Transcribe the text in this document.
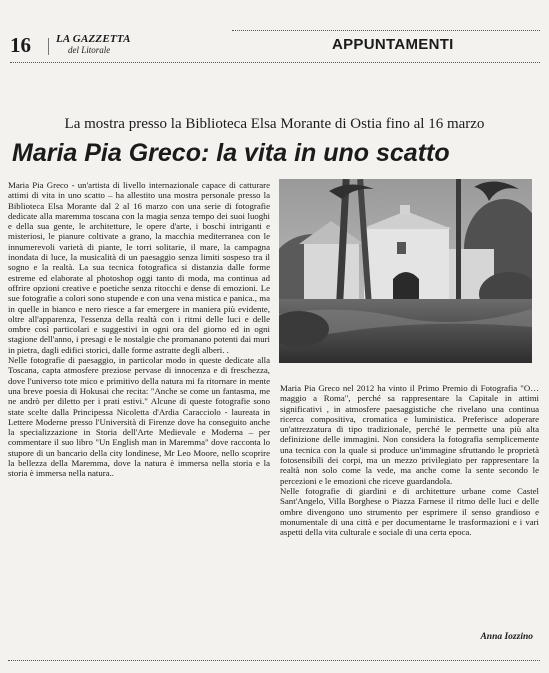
16 LA GAZZETTA
del Litorale	APPUNTAMENTI
La mostra presso la Biblioteca Elsa Morante di Ostia fino al 16 marzo
Maria Pia Greco: la vita in uno scatto

Maria Pia Greco - un'artista di livello internazionale capace di catturare attimi di vita in uno scatto – ha allestito una mostra personale presso la Biblioteca Elsa Morante dal 2 al 16 marzo con una serie di fotografie dedicate alla maremma toscana con la magia senza tempo dei suoi luoghi e della sua gente, le architetture, le opere d'arte, i boschi intriganti e misteriosi, le pianure coltivate a grano, la macchia mediterranea con le innumerevoli varietà di piante, le torri solitarie, il mare, la campagna inondata di luce, la musicalità di un paesaggio senza limiti sospeso tra il sogno e la realtà. La sua tecnica fotografica si distanzia dalle forme estreme ed elaborate al photoshop oggi tanto di moda, ma continua ad offrire opzioni creative e poetiche senza ritocchi e dense di emozioni. Le sue fotografie a colori sono stupende e con una vena mistica e panica., ma in quelle in bianco e nero riesce a far emergere in maniera più evidente, oltre all'apparenza, l'essenza della realtà con i ritmi delle luci e delle ombre così particolari e suggestivi in ogni ora del giorno ed in ogni stagione dell'anno, i presagi e le nostalgie che promanano potenti dai muri in pietra, dagli edifici storici, dalle forme astratte degli alberi. .

Nelle fotografie di paesaggio, in particolar modo in queste dedicate alla Toscana, capta atmosfere preziose pervase di innocenza e di freschezza, dove l'universo tote mico e primitivo della natura mi fa ritornare in mente una breve poesia di Hokusai che recita: "Anche se come un fantasma, me ne andrò per diletto per i prati estivi." Alcune di queste fotografie sono state scelte dalla Principessa Nicoletta d'Ardia Caracciolo - laureata in Lettere Moderne presso l'Università di Firenze dove ha conseguito anche la specializzazione in Storia dell'Arte Medievale e Moderna – per commentare il suo libro "Un English man in Maremma" dove racconta lo stupore di un bancario della city londinese, Mr Leo Moore, nello scoprire la bellezza della Maremma, dove la natura è immersa nella storia e la storia è immersa nella natura..

Maria Pia Greco nel 2012 ha vinto il Primo Premio di Fotografia "O…maggio a Roma", perché sa rappresentare la Capitale in attimi significativi , in atmosfere paesaggistiche che rivelano una continua ricerca compositiva, cromatica e luministica. Preferisce adoperare un'attrezzatura di tipo tradizionale, perché le permette una più alta definizione delle immagini. Non considera la fotografia semplicemente una tecnica con la quale si produce un'immagine sfruttando le proprietà fotosensibili dei corpi, ma un mezzo privilegiato per rappresentare la realtà non solo come la vede, ma anche come la sente secondo le percezioni e le emozioni che riceve guardandola.

Nelle fotografie di giardini e di architetture urbane come Castel Sant'Angelo, Villa Borghese o Piazza Farnese il ritmo delle luci e delle ombre divengono uno strumento per esprimere il senso grandioso e monumentale di una città e per documentarne le trasformazioni e i vari aspetti della vita culturale e sociale di una certa epoca.

Anna Iozzino
